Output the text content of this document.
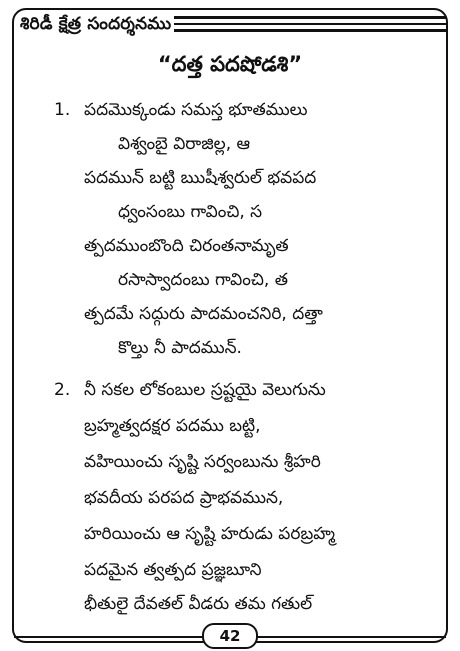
శిరిడీ క్షేత్ర సందర్శనము
“దత్త పదషోడశి”
1. పదమొక్కండు సమస్త భూతములు
విశ్వంబై విరాజిల్ల, ఆ
పదమున్ బట్టి ఋషీశ్వరుల్ భవపద
ధ్వంసంబు గావించి, స
త్పదముంబొంది చిరంతనామృత
రసాస్వాదంబు గావించి, త
త్పదమే సద్గురు పాదమంచనిరి, దత్తా
కొల్తు నీ పాదమున్.
2. నీ సకల లోకంబుల స్రష్టయై వెలుగును
బ్రహ్మత్వదక్షర పదము బట్టి,
వహియించు సృష్టి సర్వంబును శ్రీహరి
భవదీయ పరపద ప్రాభవమున,
హరియించు ఆ సృష్టి హరుడు పరబ్రహ్మ
పదమైన త్వత్పద ప్రజ్ఞబూని
భీతులై దేవతల్ వీడరు తమ గతుల్
42
